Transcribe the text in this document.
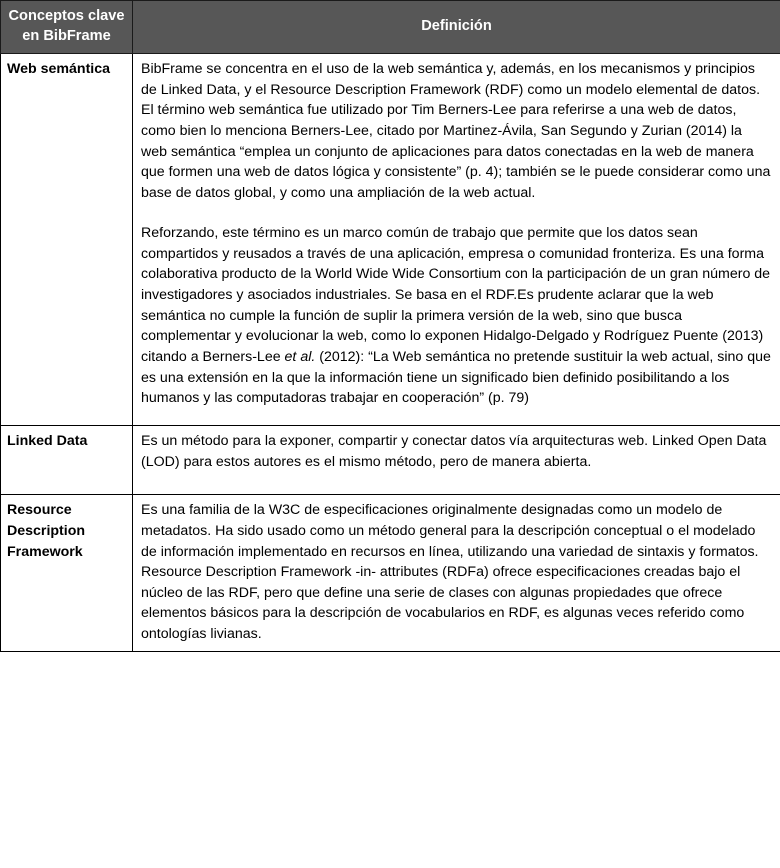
Conceptos clave en BibFrame	Definición
Web semántica	BibFrame se concentra en el uso de la web semántica y, además, en los mecanismos y principios de Linked Data, y el Resource Description Framework (RDF) como un modelo elemental de datos. El término web semántica fue utilizado por Tim Berners-Lee para referirse a una web de datos, como bien lo menciona Berners-Lee, citado por Martinez-Ávila, San Segundo y Zurian (2014) la web semántica “emplea un conjunto de aplicaciones para datos conectadas en la web de manera que formen una web de datos lógica y consistente” (p. 4); también se le puede considerar como una base de datos global, y como una ampliación de la web actual.

Reforzando, este término es un marco común de trabajo que permite que los datos sean compartidos y reusados a través de una aplicación, empresa o comunidad fronteriza. Es una forma colaborativa producto de la World Wide Wide Consortium con la participación de un gran número de investigadores y asociados industriales. Se basa en el RDF.Es prudente aclarar que la web semántica no cumple la función de suplir la primera versión de la web, sino que busca complementar y evolucionar la web, como lo exponen Hidalgo-Delgado y Rodríguez Puente (2013) citando a Berners-Lee et al. (2012): “La Web semántica no pretende sustituir la web actual, sino que es una extensión en la que la información tiene un significado bien definido posibilitando a los humanos y las computadoras trabajar en cooperación” (p. 79)

Linked Data	Es un método para la exponer, compartir y conectar datos vía arquitecturas web. Linked Open Data (LOD) para estos autores es el mismo método, pero de manera abierta.

Resource Description Framework	Es una familia de la W3C de especificaciones originalmente designadas como un modelo de metadatos. Ha sido usado como un método general para la descripción conceptual o el modelado de información implementado en recursos en línea, utilizando una variedad de sintaxis y formatos. Resource Description Framework -in- attributes (RDFa) ofrece especificaciones creadas bajo el núcleo de las RDF, pero que define una serie de clases con algunas propiedades que ofrece elementos básicos para la descripción de vocabularios en RDF, es algunas veces referido como ontologías livianas.
